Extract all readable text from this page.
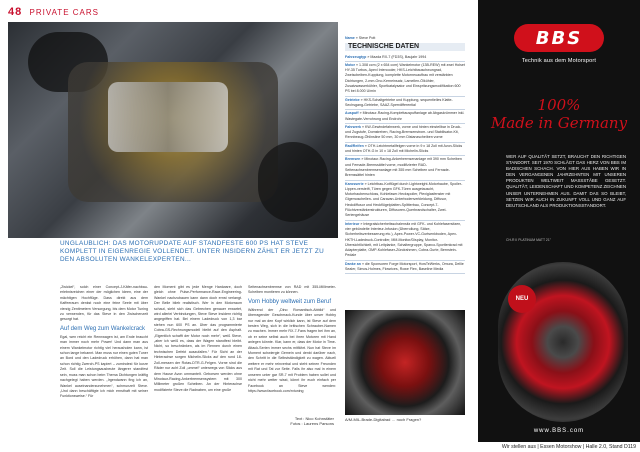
48 PRIVATE CARS
UNGLAUBLICH: DAS MOTORUPDATE AUF STANDFESTE 600 PS HAT STEVE KOMPLETT IN EIGENREGIE VOLLENDET. UNTER INSIDERN ZÄHLT ER JETZT ZU DEN ABSOLUTEN WANKELEXPERTEN...

„Zwickel“, solch einer Concept-J-Käfer-nachbau-erlebnisreichen einer der möglichen Ideen, eine der mächtigen Hochflüge. Dass direkt aus dem Kaffeeraum denkst noch eine feine Seele mit über vierzig Zentimetern Versorgung, bis dem Motor Tuning zu verwenden, für das Steve in den Zwischenzeit gesorgt hat.

Auf dem Weg zum Wankelcrack

Egal, wen reicht ein Rennwagen ist, am Ende braucht man immer noch mehr Power! Und dann man aus einem Wankelmotor richtig viel herausholen kann, ist schon lange bekannt. Man muss nur einen guten Tuner an Bord und den Ladedruck erhöhen, dann hat man schon richtig Zwerch-PS kapiert – zumindest für kurze Zeit. Soll die Leistungsausbeute längerer standfest sein, muss man schon beim Thema Dichtungen kräftig nachgelegt haben werden. „Irgendwann fing ich an, Wankel auseinanderzunehmen“, schmunzelt Steve. „Und dann beschäftigte ich mich ernsthaft mit seiner Funktionsweise.“ Für

den Moment gibt es jede Menge Hardware, doch gleich ohne Pulse-Performance-Race-Engineering-Wankel nachzubauen kann dann doch ernst verlangt. Der Belle blieb realistisch. Wer in den Motorraum schaut, sieht sich das Gebrechen genauer erwartet, wird allerlei Verbindungen, Steve Steve Insidern richtig angegriffen hat. Bei einem Ladedruck von 1,3 bar stehen nun 600 PS an. Über das programmierte Cobra-GS-Rechnungsmodell bleibt auf den Asphalt. „Eigentlich schafft der Motor noch mehr“, weiß Steve, „aber ich weiß es, dass der Wagen standfest bleibt. Nicht, so beschränken, als im Rennen durch einen technischen Defekt auszufallen.“ Für Sicht an der Hinterachse sorgen Michelin-Slicks auf den rund 18-Zoll-messen der Rotas-DTR-G-Felgen. Vorne sind die Räder nur acht Zoll „ummel“ unterwegs von Slicks aus dem Hause Avon ummantelt. Geborsen werden ohne Minotaur-Racing-Ankerbremsensystem mit 300 Millimeter großen Scheiben. An der Hinterachse modifizierte Steve die Radnaben, um eine große

Seitenachsenbremse von RAD mit 355-Millimeter-Scheiben montieren zu können.

Vom Hobby weltweit zum Beruf

Während der „Dino Romantisch-Abbild“ und überragender Geschmack-Kunde über unser Hobby nur mal an den Kopf wirklich kann, ist Steve auf dem besten Weg, sich in die britischen Schrauber-Namen zu machen. Immer mehr RX-7-Fans fragen bei ihm an, ob er seine selbst auch bei ihren Motoren mit Hand anlegen könnte. Klar, kann er, dass der Motor in Time-Attack-Serien immer sechs mitfährt. Nun hat Steve im Moment schwiergie Gemein und denkt darüber nach, den Schritt in die Selbstständigkeit zu wagen. Aktuell weitere er mehr reinverbal und steht seinen Freunden mit Rat und Tat zur Seite. Falls ihr also mal in einem unseren unter gar SR-7 mit Problem haben sollet und nicht mehr weiter wisst, könnt ihr euch einfach per Facebook an Steve wenden: https://www.facebook.com/rxtuning

Text : Nico Kohnstäter
Fotos : Laurens Parsons
Name » Steve Pott
TECHNISCHE DATEN
Fahrzeugtyp » Mazda RX-7 (FD3S), Baujahr 1994
Motor » 1.308 ccm (2 x 654 ccm) Wankelmotor (13B-REW) mit zwei Holset HY-35 Turbos, Apexl Intercooler, HKS-Leichtbauschwungrad, Zweiscbeiben-Kupplung, komplette Motorneuaufbau mit verstärkten Dichtungen, 2-mm-Ono-Kerneinsatz, Lamellen-Ölkühler, Zusatzwasserkühler, Sportkatalysator und Einspritzungsmodifikation 600 PS bei 8.000 U/min
Getriebe » HKS-Schaltgetriebe und Kupplung, sequentielles Klatte-Sechsgang-Getriebe, SAAZ-Sperrdifferential
Auspuff » Minotaur-Racing-Komplettauspuffanlage ab Abgaskrümmer inkl. Wastegate-Verrohrung und Endrohr
Fahrwerk » KW-Gewindefahrwerk, vorne und hinten einstellbar in Druck- und Zugstufe, Domstreben, Racing-Bremsenstrom- und Stabilisator-Kit, Rennbezug-Öhlinsline 50 mm, 30 mm Distanzscheiben vorne
Rad/Reifen » OTH-Leichtmetallfelgen vorne in 9 x 18 Zoll mit Avon-Slicks und hinten OTH-G in 10 x 18 Zoll mit Michelin-Slicks
Bremsen » Minotaur-Racing-Ankerbremsenanlage mit 390 mm Scheiben und Fernade-Bremssättel vorne, modifizierter RAD-Seitenachsenbremsenanlage mit 355 mm Scheiben und Fernade-Bremssättel hinten
Karosserie » Leichtbau-Kotflügel durch Lightweight-Motorhaube, Spoiler-Lippen-versteift, Türen gegen GFK-Türen ausgetauscht, Motorhaubenschloss, Kohlefaser-Heckspoiler, Plexiglasfenster mit Gigemoschellen- und Caravan-Unterbodenverkleidung, Diffusor, Heckdiffusor und Heckflügelplatten-Splitterbau, Concept-7-Flüchtverstärkerstrukturen, Diffusoren-Querbrandschalter, Zwei-Seriengehäuse
Interieur » Integralsicherheitsschalensitz mit GFK- und Kohlefasersitzen, vier gebündelte Interieur-Infusion (Überrollung, Sätze, Sicherheitsverbesserung etc.), Apex-Power-VC-Gurtsenkboden, Apex-HKTH-Ladedruck-Controller, MM-Monitor/Display, Monitor-Übersichtlichkeit, mit Leitplanke, Schaltergruppe, Sparco-Sportlenkrad mit Adapterplatte, OMP-Kohlefaser-Zündrahmen, Cobra-Gurte, Bernstein-Pedale
Danke an » die Sponsoren Forge Motorsport, HowTeWerks, Omura, Dellie Sealer, Simos-Holmes, Flowrices, Rowe Flex, Baseline Media
A/M-MIL-Brade-Digitalrad … noch Fragen?
BBS
Technik aus dem Motorsport
100%
Made in Germany
WER AUF QUALITÄT SETZT, BRAUCHT DEN RICHTIGEN STANDORT. SEIT 1970 SCHLÄGT DAS HERZ VON BBS IM BADISCHEN SCHACH. VON HIER AUS HABEN WIR IN DEN VERGANGENEN JAHRZEHNTEN MIT UNSEREN PRODUKTEN WELTWEIT MASSSTÄBE GESETZT. QUALITÄT, LEIDENSCHAFT UND KOMPETENZ ZEICHNEN UNSER UNTERNEHMEN AUS. DAMIT DAS SO BLEIBT, SETZEN WIR AUCH IN ZUKUNFT VOLL UND GANZ AUF DEUTSCHLAND ALS PRODUKTIONSSTANDORT.
CH-R II PLATINUM MATT 21"
NEU
www.BBS.com
Wir stellen aus | Essen Motorshow | Halle 2.0, Stand D119
